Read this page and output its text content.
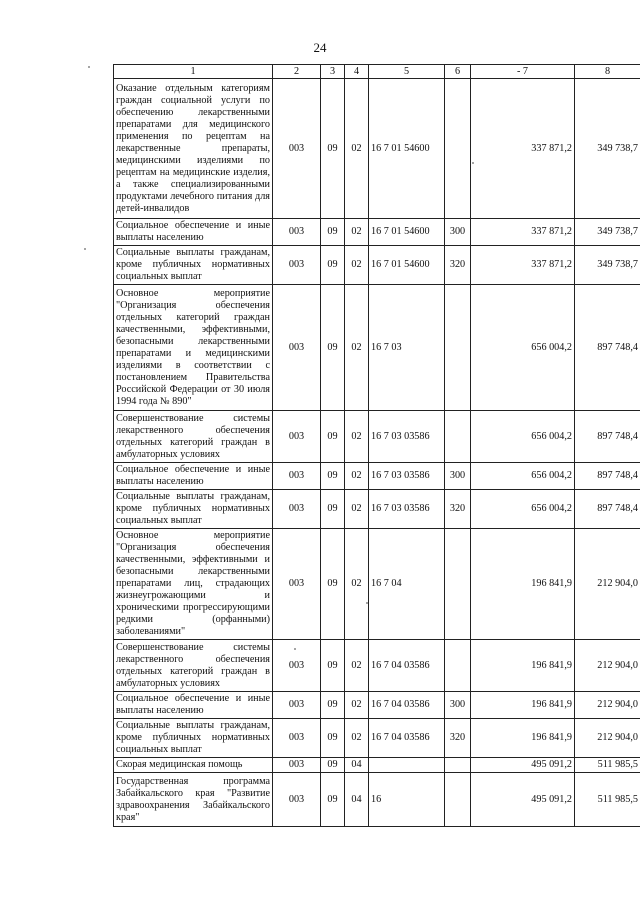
24
1	2	3	4	5	6	- 7	8
Оказание отдельным категориям граждан социальной услуги по обеспечению лекарственными препаратами для медицинского применения по рецептам на лекарственные препараты, медицинскими изделиями по рецептам на медицинские изделия, а также специализированными продуктами лечебного питания для детей-инвалидов	003	09	02	16 7 01 54600		337 871,2	349 738,7
Социальное обеспечение и иные выплаты населению	003	09	02	16 7 01 54600	300	337 871,2	349 738,7
Социальные выплаты гражданам, кроме публичных нормативных социальных выплат	003	09	02	16 7 01 54600	320	337 871,2	349 738,7
Основное мероприятие "Организация обеспечения отдельных категорий граждан качественными, эффективными, безопасными лекарственными препаратами и медицинскими изделиями в соответствии с постановлением Правительства Российской Федерации от 30 июля 1994 года № 890"	003	09	02	16 7 03		656 004,2	897 748,4
Совершенствование системы лекарственного обеспечения отдельных категорий граждан в амбулаторных условиях	003	09	02	16 7 03 03586		656 004,2	897 748,4
Социальное обеспечение и иные выплаты населению	003	09	02	16 7 03 03586	300	656 004,2	897 748,4
Социальные выплаты гражданам, кроме публичных нормативных социальных выплат	003	09	02	16 7 03 03586	320	656 004,2	897 748,4
Основное мероприятие "Организация обеспечения качественными, эффективными и безопасными лекарственными препаратами лиц, страдающих жизнеугрожающими и хроническими прогрессирующими редкими (орфанными) заболеваниями"	003	09	02	16 7 04		196 841,9	212 904,0
Совершенствование системы лекарственного обеспечения отдельных категорий граждан в амбулаторных условиях	003	09	02	16 7 04 03586		196 841,9	212 904,0
Социальное обеспечение и иные выплаты населению	003	09	02	16 7 04 03586	300	196 841,9	212 904,0
Социальные выплаты гражданам, кроме публичных нормативных социальных выплат	003	09	02	16 7 04 03586	320	196 841,9	212 904,0
Скорая медицинская помощь	003	09	04			495 091,2	511 985,5
Государственная программа Забайкальского края "Развитие здравоохранения Забайкальского края"	003	09	04	16		495 091,2	511 985,5
